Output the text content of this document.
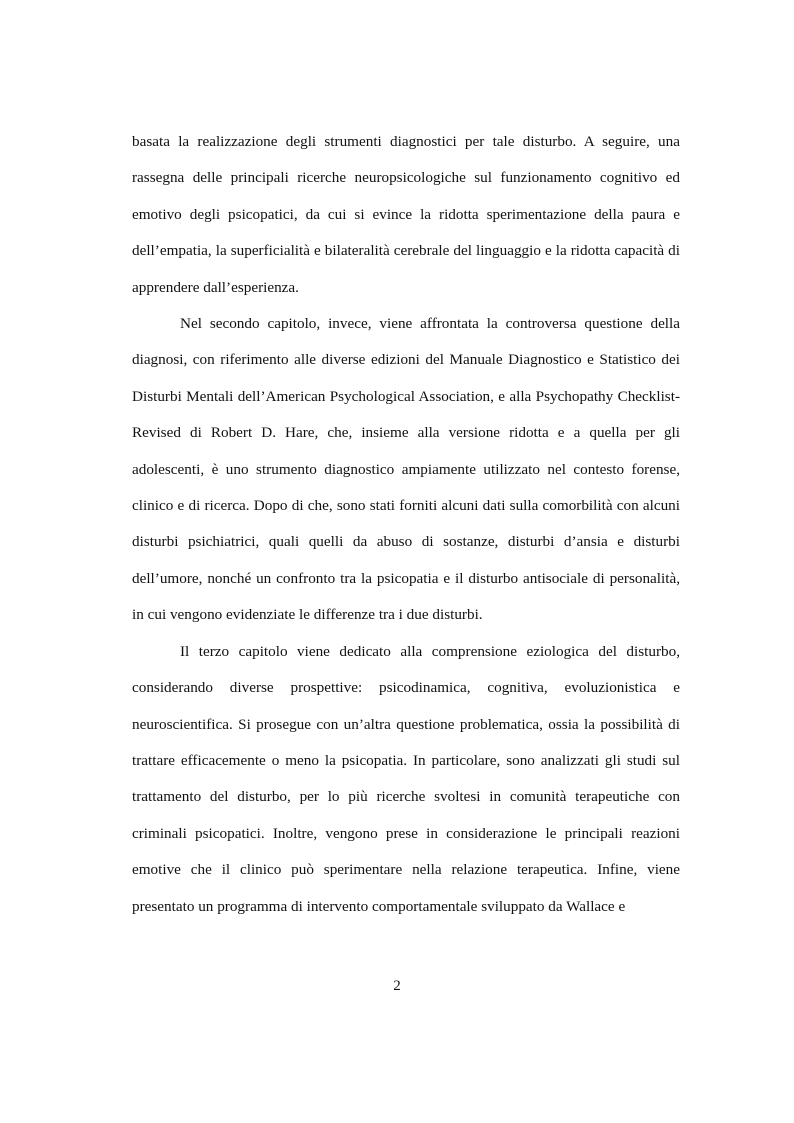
basata la realizzazione degli strumenti diagnostici per tale disturbo. A seguire, una rassegna delle principali ricerche neuropsicologiche sul funzionamento cognitivo ed emotivo degli psicopatici, da cui si evince la ridotta sperimentazione della paura e dell’empatia, la superficialità e bilateralità cerebrale del linguaggio e la ridotta capacità di apprendere dall’esperienza.

Nel secondo capitolo, invece, viene affrontata la controversa questione della diagnosi, con riferimento alle diverse edizioni del Manuale Diagnostico e Statistico dei Disturbi Mentali dell’American Psychological Association, e alla Psychopathy Checklist-Revised di Robert D. Hare, che, insieme alla versione ridotta e a quella per gli adolescenti, è uno strumento diagnostico ampiamente utilizzato nel contesto forense, clinico e di ricerca. Dopo di che, sono stati forniti alcuni dati sulla comorbilità con alcuni disturbi psichiatrici, quali quelli da abuso di sostanze, disturbi d’ansia e disturbi dell’umore, nonché un confronto tra la psicopatia e il disturbo antisociale di personalità, in cui vengono evidenziate le differenze tra i due disturbi.

Il terzo capitolo viene dedicato alla comprensione eziologica del disturbo, considerando diverse prospettive: psicodinamica, cognitiva, evoluzionistica e neuroscientifica. Si prosegue con un’altra questione problematica, ossia la possibilità di trattare efficacemente o meno la psicopatia. In particolare, sono analizzati gli studi sul trattamento del disturbo, per lo più ricerche svoltesi in comunità terapeutiche con criminali psicopatici. Inoltre, vengono prese in considerazione le principali reazioni emotive che il clinico può sperimentare nella relazione terapeutica. Infine, viene presentato un programma di intervento comportamentale sviluppato da Wallace e

2
